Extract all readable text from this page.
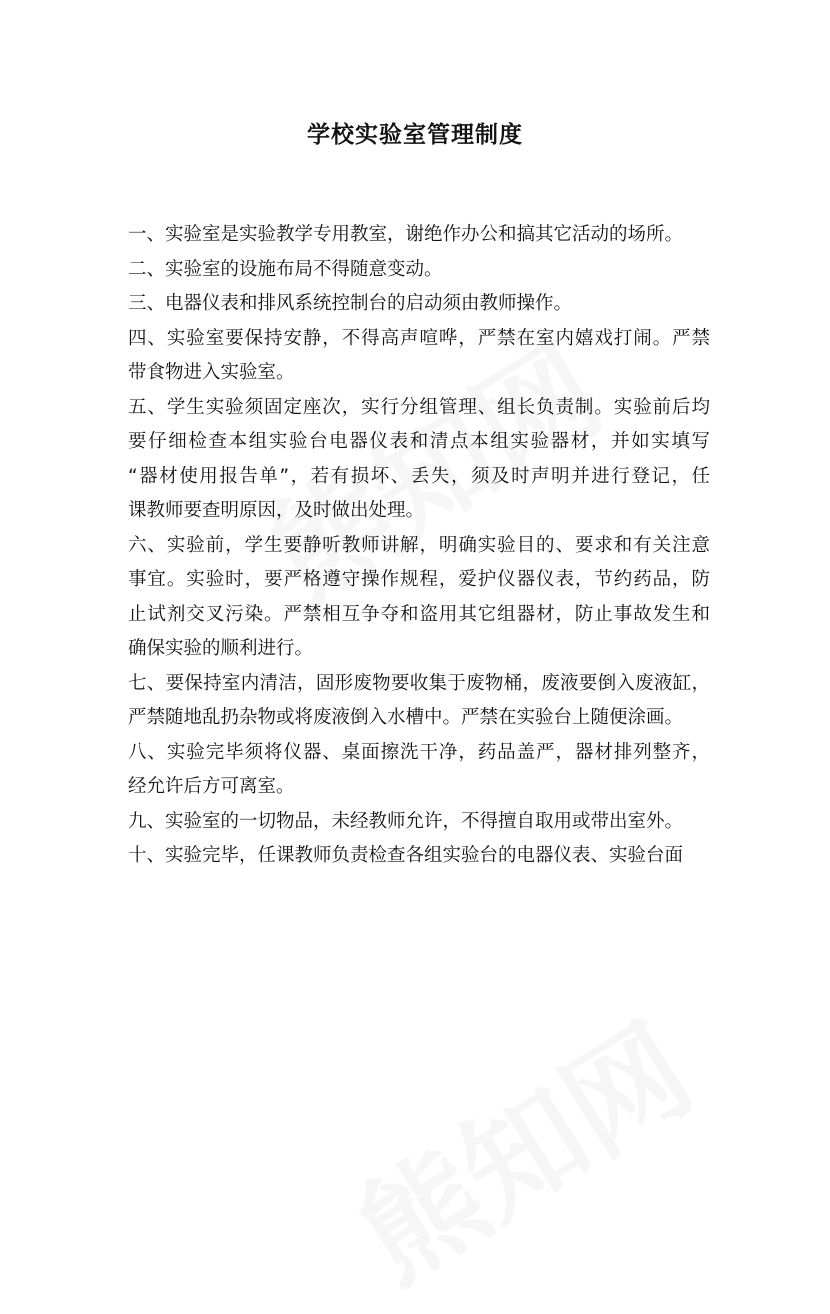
学校实验室管理制度
一、实验室是实验教学专用教室，谢绝作办公和搞其它活动的场所。
二、实验室的设施布局不得随意变动。
三、电器仪表和排风系统控制台的启动须由教师操作。
四、实验室要保持安静，不得高声喧哗，严禁在室内嬉戏打闹。严禁
带食物进入实验室。
五、学生实验须固定座次，实行分组管理、组长负责制。实验前后均
要仔细检查本组实验台电器仪表和清点本组实验器材，并如实填写
“器材使用报告单”，若有损坏、丢失，须及时声明并进行登记，任
课教师要查明原因，及时做出处理。
六、实验前，学生要静听教师讲解，明确实验目的、要求和有关注意
事宜。实验时，要严格遵守操作规程，爱护仪器仪表，节约药品，防
止试剂交叉污染。严禁相互争夺和盗用其它组器材，防止事故发生和
确保实验的顺利进行。
七、要保持室内清洁，固形废物要收集于废物桶，废液要倒入废液缸，
严禁随地乱扔杂物或将废液倒入水槽中。严禁在实验台上随便涂画。
八、实验完毕须将仪器、桌面擦洗干净，药品盖严，器材排列整齐，
经允许后方可离室。
九、实验室的一切物品，未经教师允许，不得擅自取用或带出室外。
十、实验完毕，任课教师负责检查各组实验台的电器仪表、实验台面
